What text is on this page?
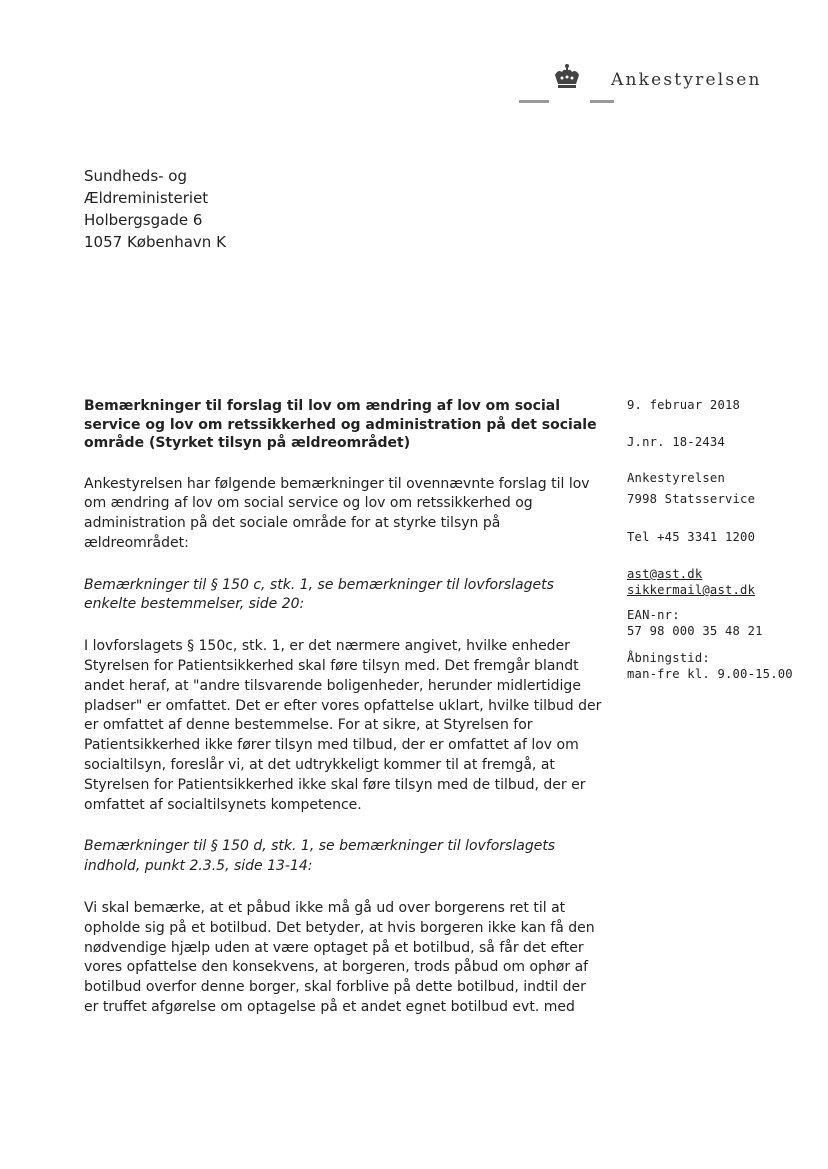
Ankestyrelsen
Sundheds- og
Ældreministeriet
Holbergsgade 6
1057 København K
Bemærkninger til forslag til lov om ændring af lov om social service og lov om retssikkerhed og administration på det sociale område (Styrket tilsyn på ældreområdet)

Ankestyrelsen har følgende bemærkninger til ovennævnte forslag til lov om ændring af lov om social service og lov om retssikkerhed og administration på det sociale område for at styrke tilsyn på ældreområdet:

Bemærkninger til § 150 c, stk. 1, se bemærkninger til lovforslagets enkelte bestemmelser, side 20:

I lovforslagets § 150c, stk. 1, er det nærmere angivet, hvilke enheder Styrelsen for Patientsikkerhed skal føre tilsyn med. Det fremgår blandt andet heraf, at "andre tilsvarende boligenheder, herunder midlertidige pladser" er omfattet. Det er efter vores opfattelse uklart, hvilke tilbud der er omfattet af denne bestemmelse. For at sikre, at Styrelsen for Patientsikkerhed ikke fører tilsyn med tilbud, der er omfattet af lov om socialtilsyn, foreslår vi, at det udtrykkeligt kommer til at fremgå, at Styrelsen for Patientsikkerhed ikke skal føre tilsyn med de tilbud, der er omfattet af socialtilsynets kompetence.

Bemærkninger til § 150 d, stk. 1, se bemærkninger til lovforslagets indhold, punkt 2.3.5, side 13-14:

Vi skal bemærke, at et påbud ikke må gå ud over borgerens ret til at opholde sig på et botilbud. Det betyder, at hvis borgeren ikke kan få den nødvendige hjælp uden at være optaget på et botilbud, så får det efter vores opfattelse den konsekvens, at borgeren, trods påbud om ophør af botilbud overfor denne borger, skal forblive på dette botilbud, indtil der er truffet afgørelse om optagelse på et andet egnet botilbud evt. med

9. februar 2018
J.nr. 18-2434
Ankestyrelsen
7998 Statsservice
Tel +45 3341 1200
ast@ast.dk
sikkermail@ast.dk
EAN-nr:
57 98 000 35 48 21
Åbningstid:
man-fre kl. 9.00-15.00
